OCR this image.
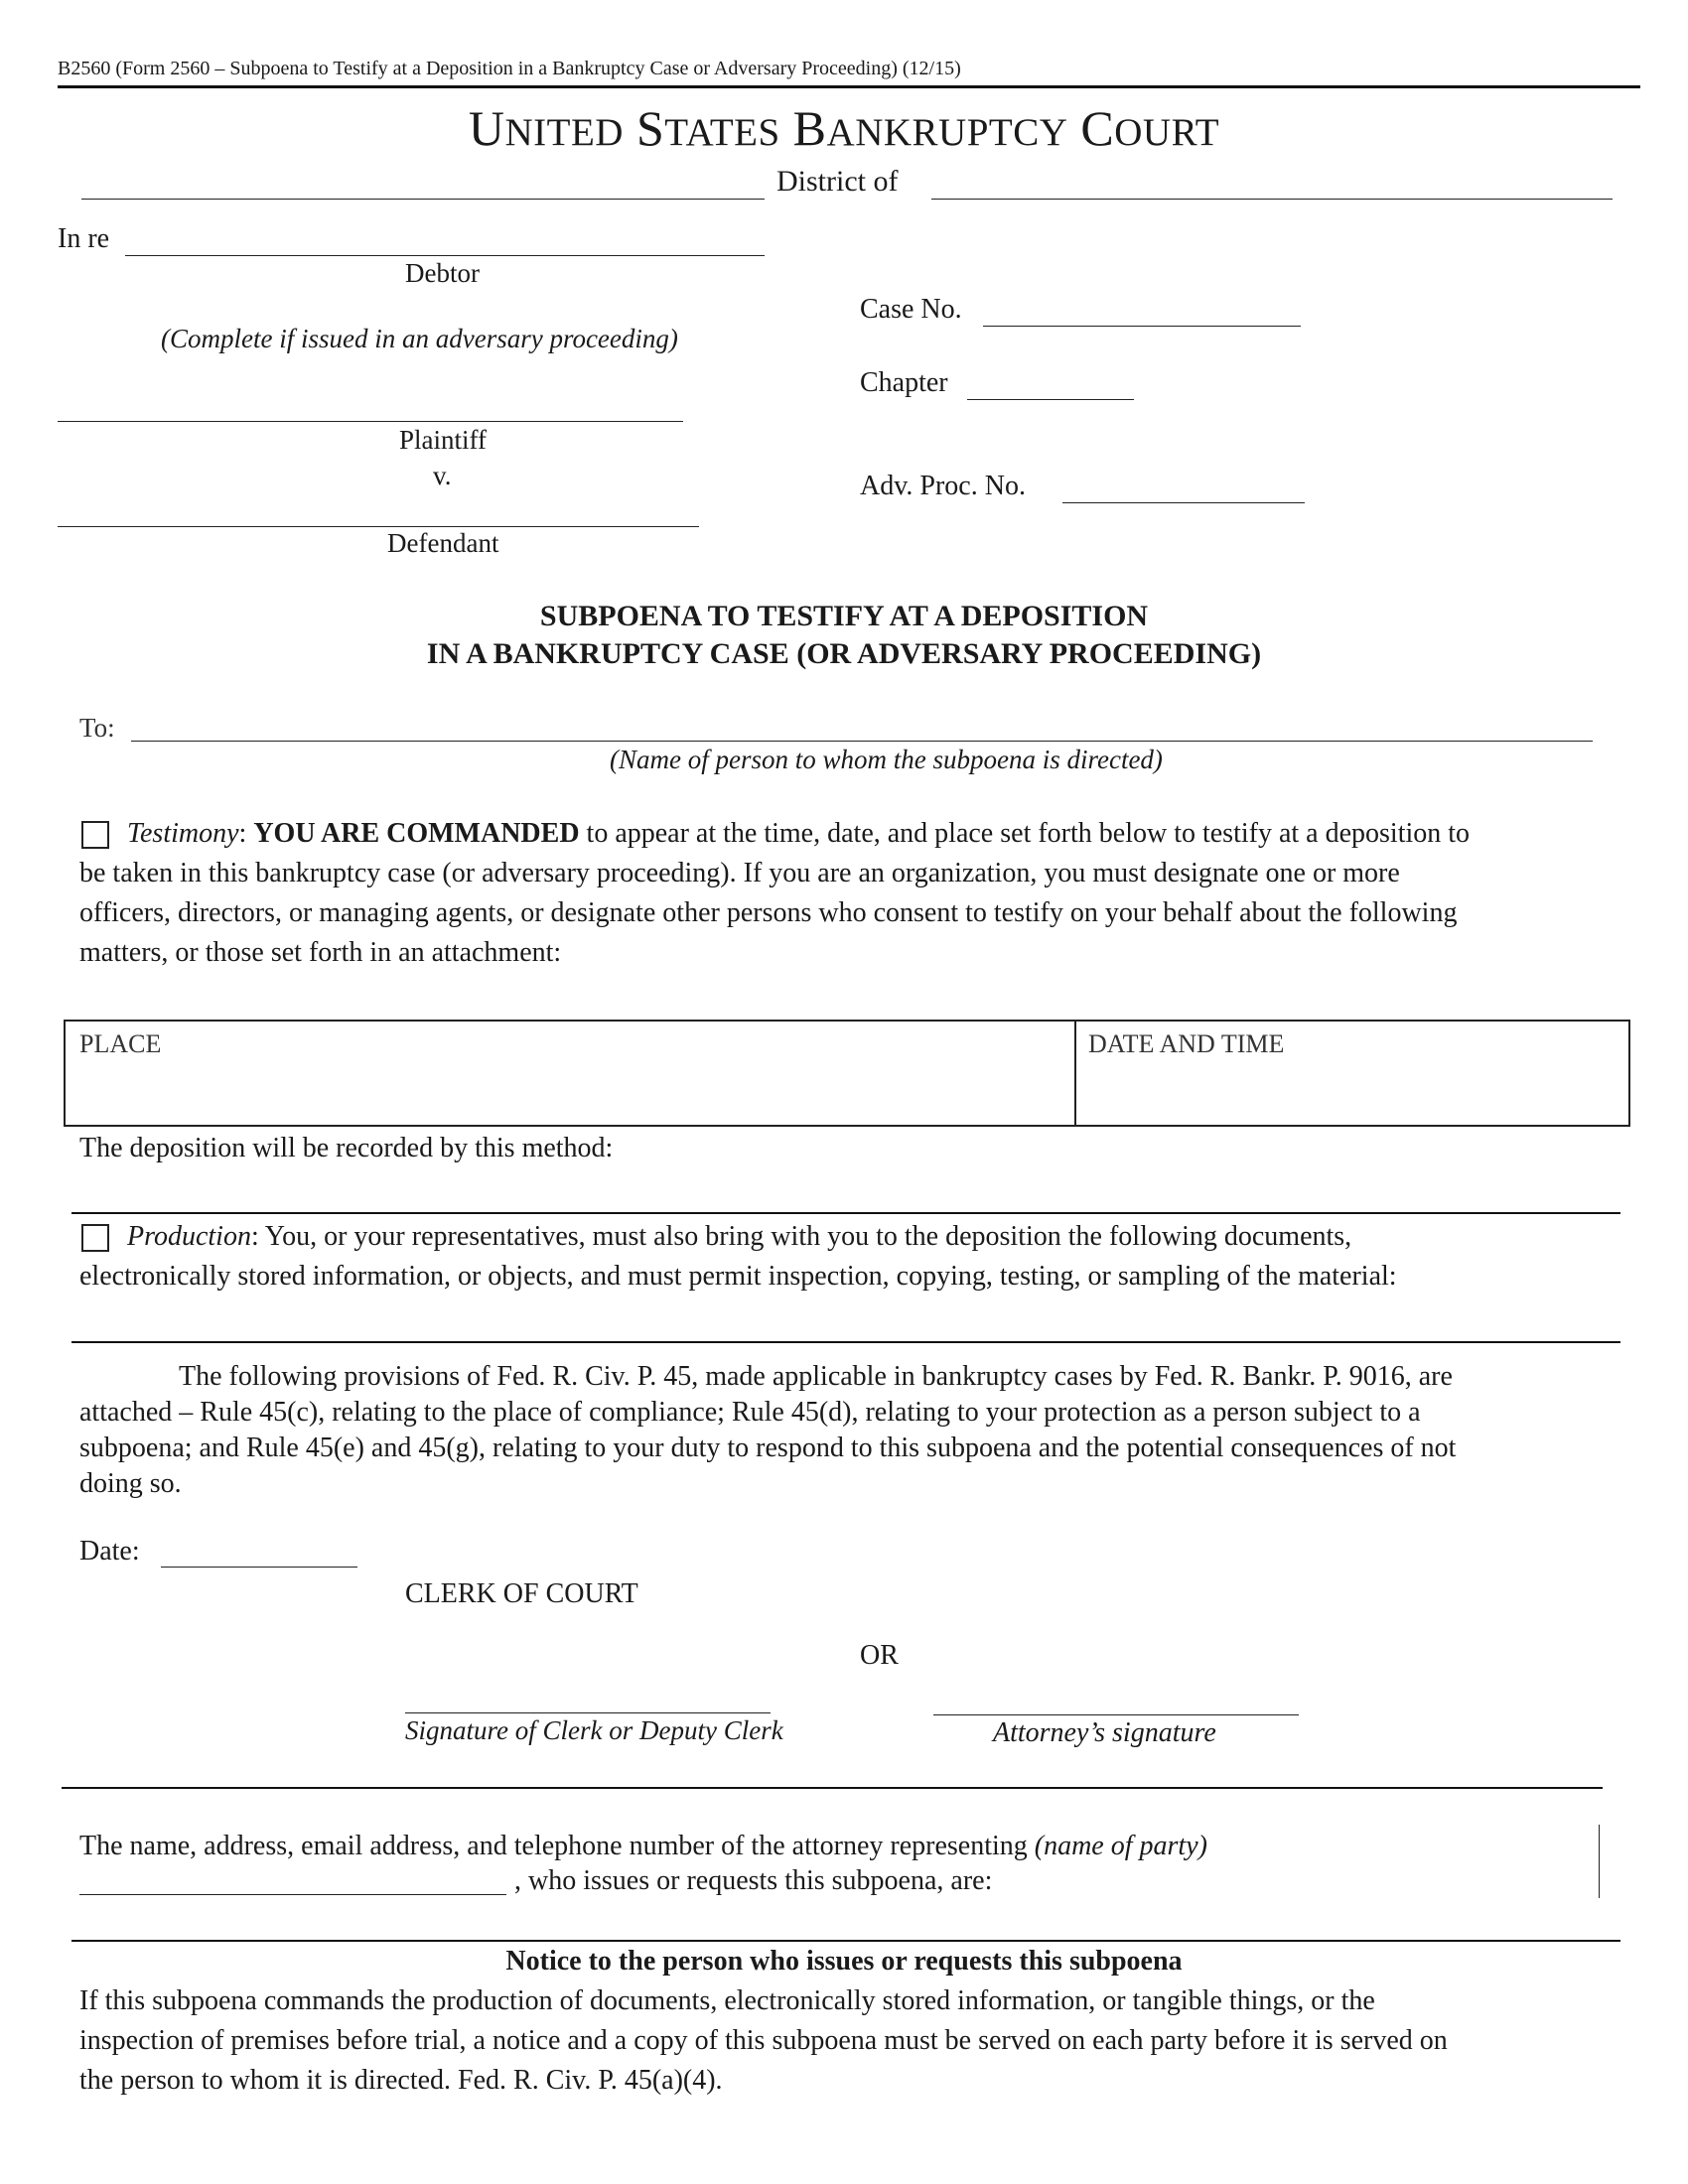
B2560 (Form 2560 – Subpoena to Testify at a Deposition in a Bankruptcy Case or Adversary Proceeding) (12/15)
UNITED STATES BANKRUPTCY COURT
District of
In re
Debtor
(Complete if issued in an adversary proceeding)
Plaintiff
v.
Defendant
Case No.
Chapter
Adv. Proc. No.
SUBPOENA TO TESTIFY AT A DEPOSITION
IN A BANKRUPTCY CASE (OR ADVERSARY PROCEEDING)
To:
(Name of person to whom the subpoena is directed)
Testimony: YOU ARE COMMANDED to appear at the time, date, and place set forth below to testify at a deposition to
be taken in this bankruptcy case (or adversary proceeding). If you are an organization, you must designate one or more
officers, directors, or managing agents, or designate other persons who consent to testify on your behalf about the following
matters, or those set forth in an attachment:
PLACE	DATE AND TIME
The deposition will be recorded by this method:
Production: You, or your representatives, must also bring with you to the deposition the following documents,
electronically stored information, or objects, and must permit inspection, copying, testing, or sampling of the material:
The following provisions of Fed. R. Civ. P. 45, made applicable in bankruptcy cases by Fed. R. Bankr. P. 9016, are
attached – Rule 45(c), relating to the place of compliance; Rule 45(d), relating to your protection as a person subject to a
subpoena; and Rule 45(e) and 45(g), relating to your duty to respond to this subpoena and the potential consequences of not
doing so.
Date:
CLERK OF COURT
OR
Signature of Clerk or Deputy Clerk	Attorney’s signature
The name, address, email address, and telephone number of the attorney representing (name of party)
, who issues or requests this subpoena, are:
Notice to the person who issues or requests this subpoena
If this subpoena commands the production of documents, electronically stored information, or tangible things, or the
inspection of premises before trial, a notice and a copy of this subpoena must be served on each party before it is served on
the person to whom it is directed. Fed. R. Civ. P. 45(a)(4).
